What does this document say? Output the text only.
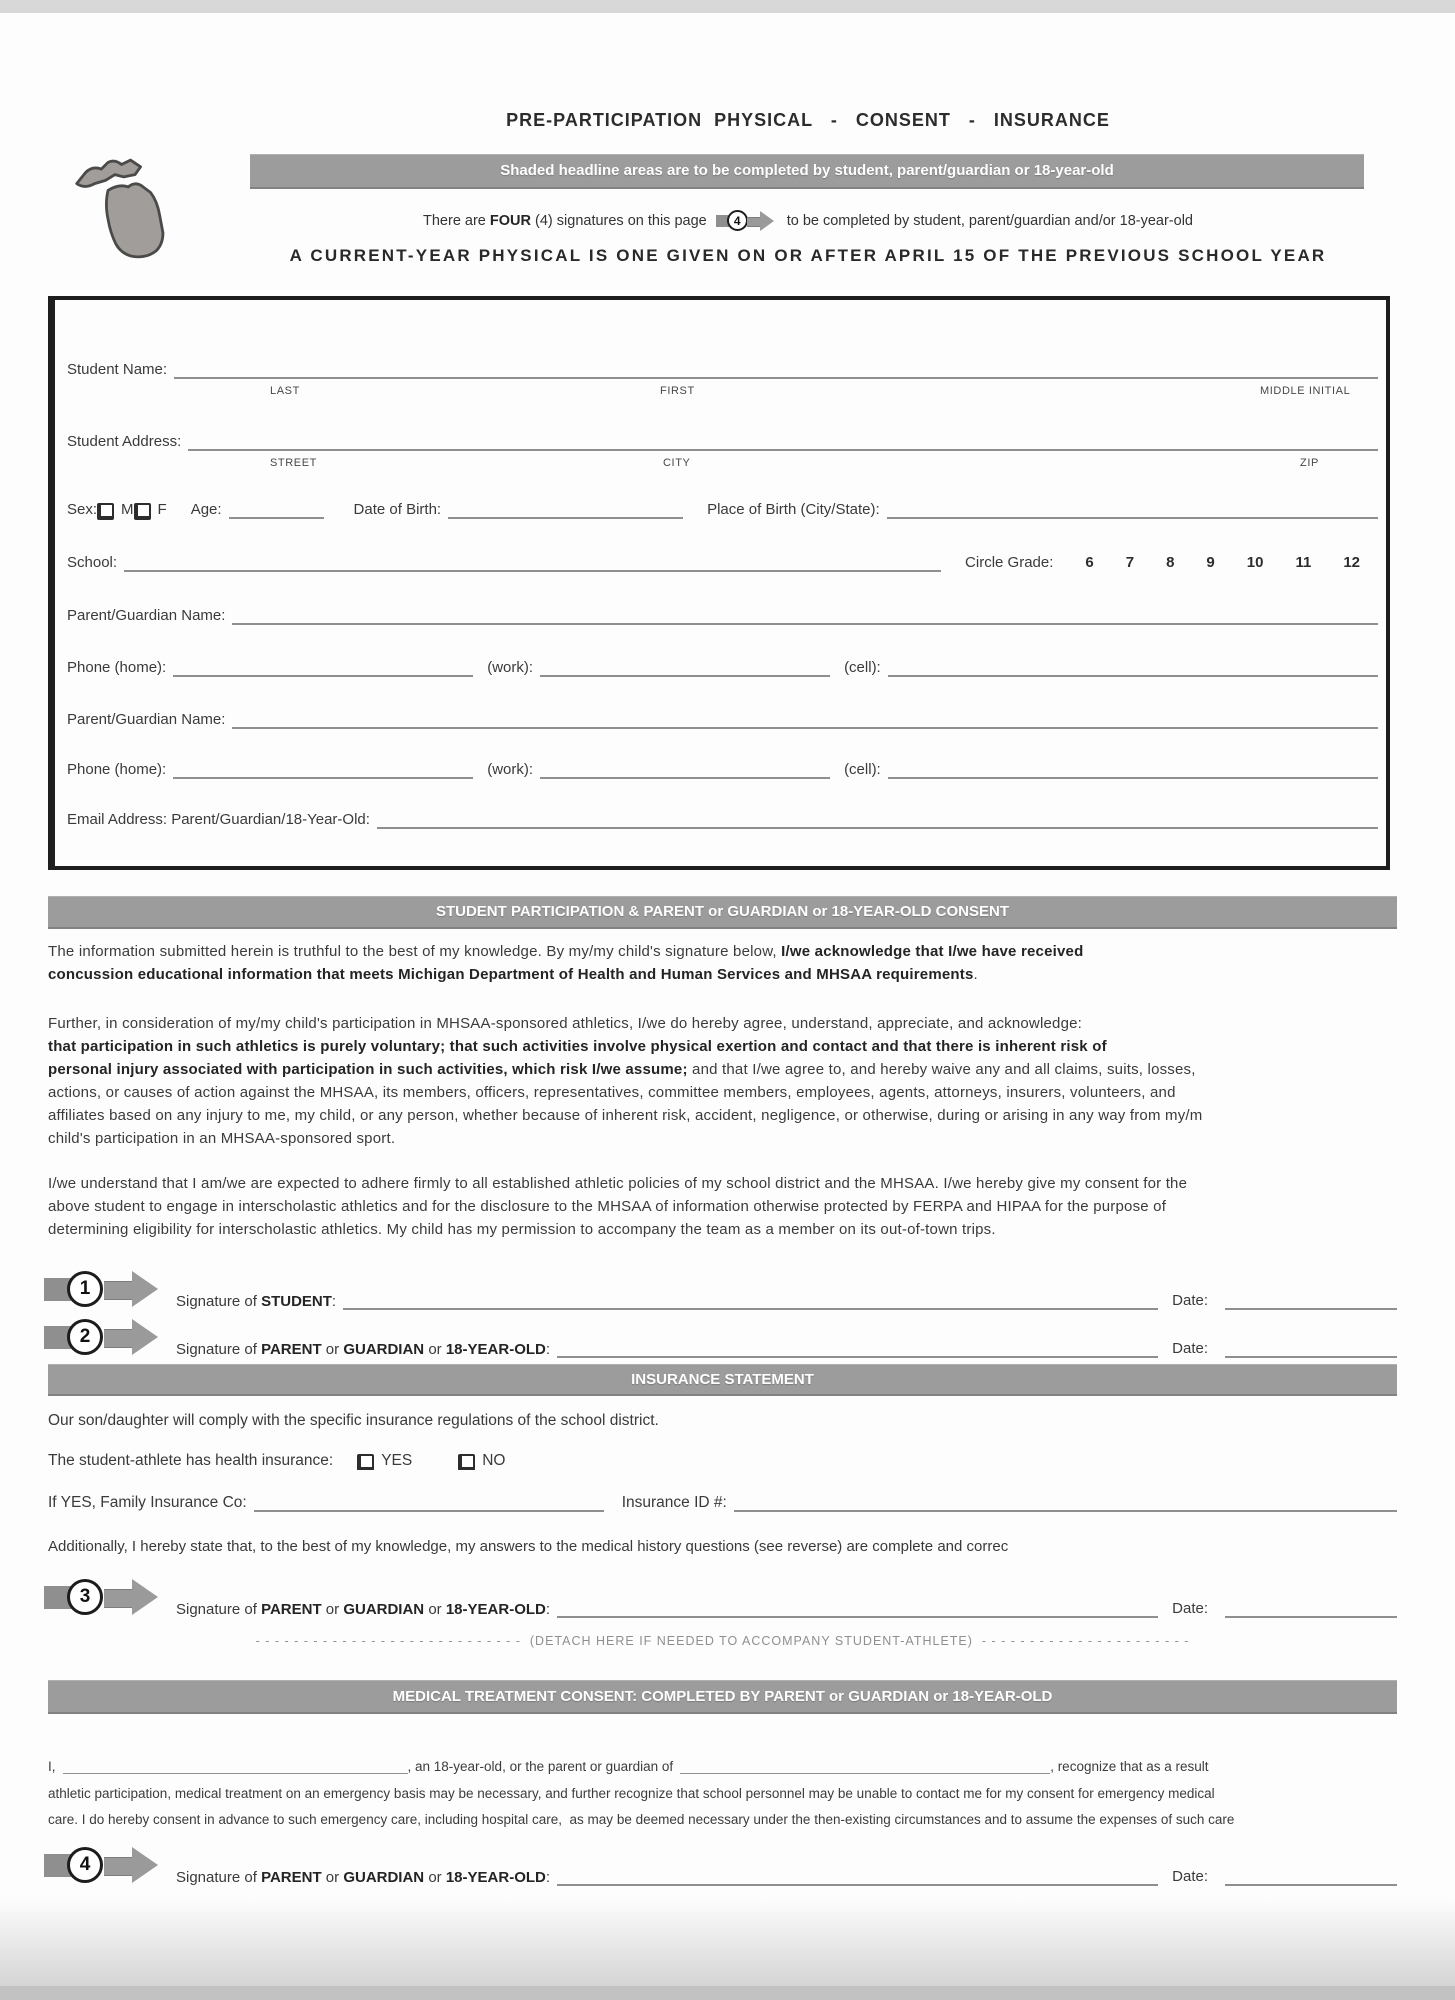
PRE-PARTICIPATION  PHYSICAL   -   CONSENT   -   INSURANCE
Shaded headline areas are to be completed by student, parent/guardian or 18-year-old
There are FOUR (4) signatures on this page	4	to be completed by student, parent/guardian and/or 18-year-old
A CURRENT-YEAR PHYSICAL IS ONE GIVEN ON OR AFTER APRIL 15 OF THE PREVIOUS SCHOOL YEAR
Student Name:
LAST	FIRST	MIDDLE INITIAL
Student Address:
STREET	CITY	ZIP
Sex: M F Age:	Date of Birth:	Place of Birth (City/State):
School:	Circle Grade: 6 7 8 9 10 11 12
Parent/Guardian Name:
Phone (home):	(work):	(cell):
Parent/Guardian Name:
Phone (home):	(work):	(cell):
Email Address: Parent/Guardian/18-Year-Old:
STUDENT PARTICIPATION & PARENT or GUARDIAN or 18-YEAR-OLD CONSENT
The information submitted herein is truthful to the best of my knowledge. By my/my child's signature below, I/we acknowledge that I/we have received
concussion educational information that meets Michigan Department of Health and Human Services and MHSAA requirements.
Further, in consideration of my/my child's participation in MHSAA-sponsored athletics, I/we do hereby agree, understand, appreciate, and acknowledge:
that participation in such athletics is purely voluntary; that such activities involve physical exertion and contact and that there is inherent risk of
personal injury associated with participation in such activities, which risk I/we assume; and that I/we agree to, and hereby waive any and all claims, suits, losses,
actions, or causes of action against the MHSAA, its members, officers, representatives, committee members, employees, agents, attorneys, insurers, volunteers, and
affiliates based on any injury to me, my child, or any person, whether because of inherent risk, accident, negligence, or otherwise, during or arising in any way from my/m
child's participation in an MHSAA-sponsored sport.
I/we understand that I am/we are expected to adhere firmly to all established athletic policies of my school district and the MHSAA. I/we hereby give my consent for the
above student to engage in interscholastic athletics and for the disclosure to the MHSAA of information otherwise protected by FERPA and HIPAA for the purpose of
determining eligibility for interscholastic athletics. My child has my permission to accompany the team as a member on its out-of-town trips.
1
Signature of STUDENT:	Date:
2
Signature of PARENT or GUARDIAN or 18-YEAR-OLD:	Date:
INSURANCE STATEMENT
Our son/daughter will comply with the specific insurance regulations of the school district.
The student-athlete has health insurance:	YES	NO
If YES, Family Insurance Co:	Insurance ID #:
Additionally, I hereby state that, to the best of my knowledge, my answers to the medical history questions (see reverse) are complete and correc
3
Signature of PARENT or GUARDIAN or 18-YEAR-OLD:	Date:
- - - - - - - - - - - - - - - - - - - - - - - - - - - -  (DETACH HERE IF NEEDED TO ACCOMPANY STUDENT-ATHLETE)  - - - - - - - - - - - - - - - - - - - - - -
MEDICAL TREATMENT CONSENT: COMPLETED BY PARENT or GUARDIAN or 18-YEAR-OLD
I,	, an 18-year-old, or the parent or guardian of	, recognize that as a result
athletic participation, medical treatment on an emergency basis may be necessary, and further recognize that school personnel may be unable to contact me for my consent for emergency medical
care. I do hereby consent in advance to such emergency care, including hospital care,  as may be deemed necessary under the then-existing circumstances and to assume the expenses of such care
4
Signature of PARENT or GUARDIAN or 18-YEAR-OLD:	Date:
